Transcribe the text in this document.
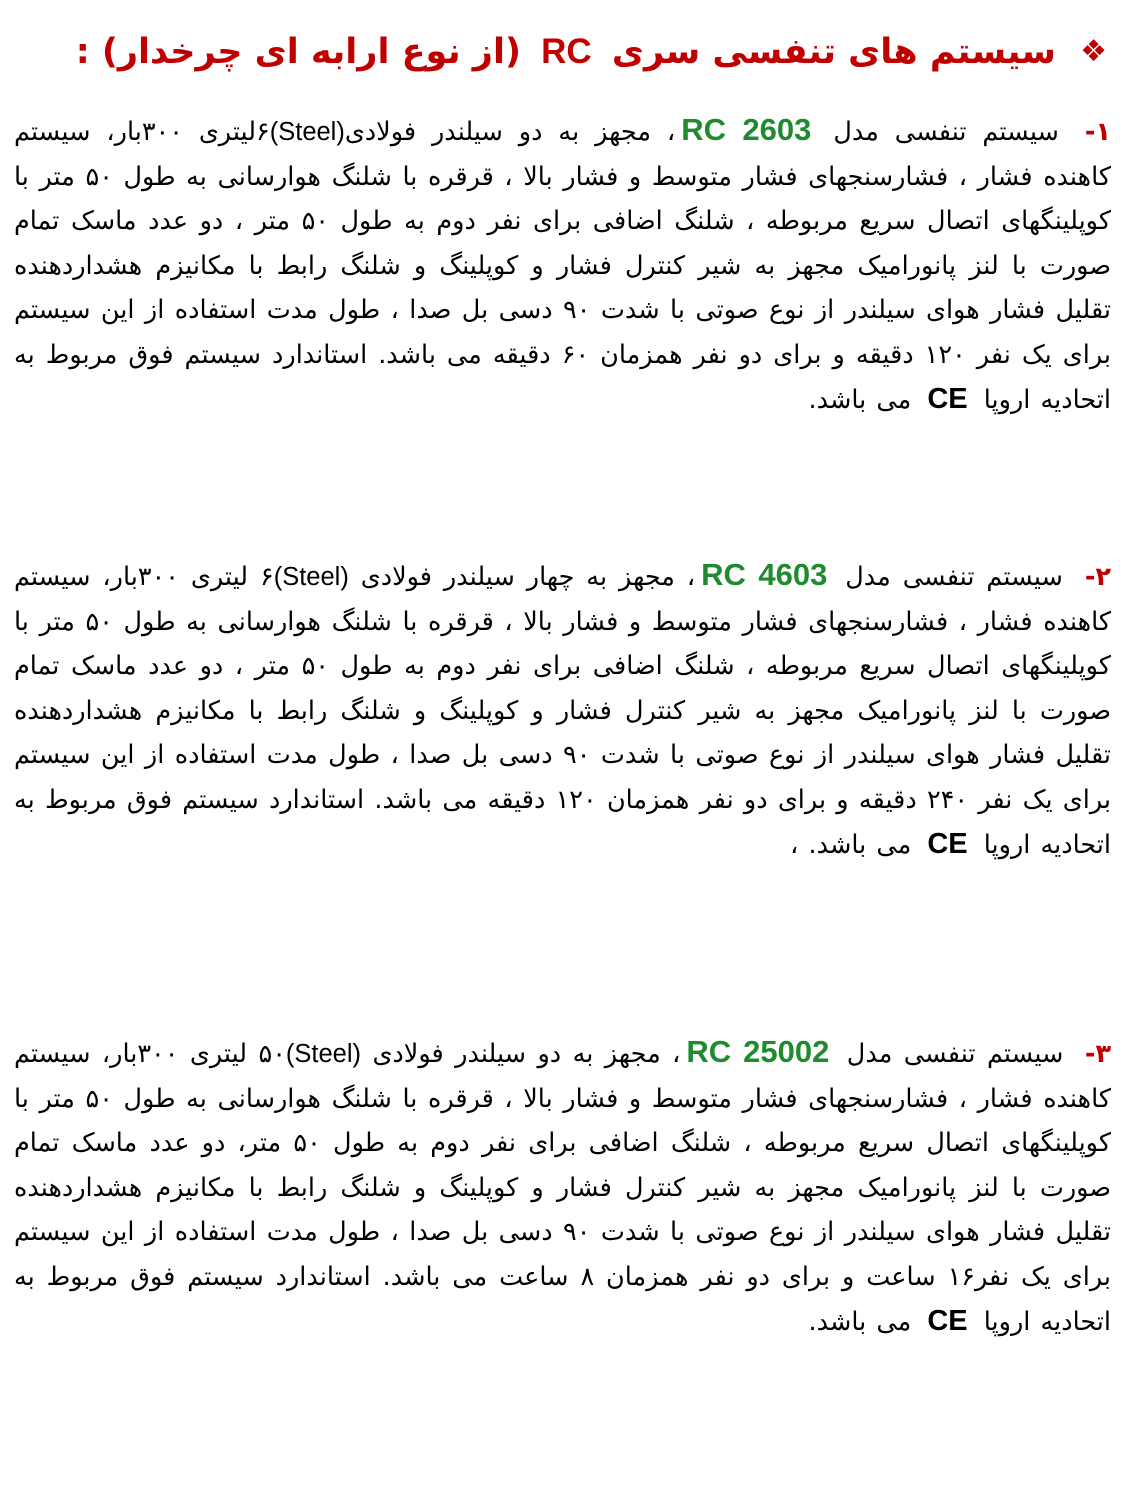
❖ سیستم های تنفسی سری RC (از نوع ارابه ای چرخدار) :

۱- سیستم تنفسی مدل RC 2603، مجهز به دو سیلندر فولادی(Steel)۶لیتری ۳۰۰بار، سیستم کاهنده فشار ، فشارسنجهای فشار متوسط و فشار بالا ، قرقره با شلنگ هوارسانی به طول ۵۰ متر با کوپلینگهای اتصال سریع مربوطه ، شلنگ اضافی برای نفر دوم به طول ۵۰ متر ، دو عدد ماسک تمام صورت با لنز پانورامیک مجهز به شیر کنترل فشار و کوپلینگ و شلنگ رابط با مکانیزم هشداردهنده تقلیل فشار هوای سیلندر از نوع صوتی با شدت ۹۰ دسی بل صدا ، طول مدت استفاده از این سیستم برای یک نفر ۱۲۰ دقیقه و برای دو نفر همزمان ۶۰ دقیقه می باشد. استاندارد سیستم فوق مربوط به اتحادیه اروپا CE می باشد.

۲- سیستم تنفسی مدل RC 4603، مجهز به چهار سیلندر فولادی (Steel)۶ لیتری ۳۰۰بار، سیستم کاهنده فشار ، فشارسنجهای فشار متوسط و فشار بالا ، قرقره با شلنگ هوارسانی به طول ۵۰ متر با کوپلینگهای اتصال سریع مربوطه ، شلنگ اضافی برای نفر دوم به طول ۵۰ متر ، دو عدد ماسک تمام صورت با لنز پانورامیک مجهز به شیر کنترل فشار و کوپلینگ و شلنگ رابط با مکانیزم هشداردهنده تقلیل فشار هوای سیلندر از نوع صوتی با شدت ۹۰ دسی بل صدا ، طول مدت استفاده از این سیستم برای یک نفر ۲۴۰ دقیقه و برای دو نفر همزمان ۱۲۰ دقیقه می باشد. استاندارد سیستم فوق مربوط به اتحادیه اروپا CE می باشد. ،

۳- سیستم تنفسی مدل RC 25002، مجهز به دو سیلندر فولادی (Steel)۵۰ لیتری ۳۰۰بار، سیستم کاهنده فشار ، فشارسنجهای فشار متوسط و فشار بالا ، قرقره با شلنگ هوارسانی به طول ۵۰ متر با کوپلینگهای اتصال سریع مربوطه ، شلنگ اضافی برای نفر دوم به طول ۵۰ متر، دو عدد ماسک تمام صورت با لنز پانورامیک مجهز به شیر کنترل فشار و کوپلینگ و شلنگ رابط با مکانیزم هشداردهنده تقلیل فشار هوای سیلندر از نوع صوتی با شدت ۹۰ دسی بل صدا ، طول مدت استفاده از این سیستم برای یک نفر۱۶ ساعت و برای دو نفر همزمان ۸ ساعت می باشد. استاندارد سیستم فوق مربوط به اتحادیه اروپا CE می باشد.
